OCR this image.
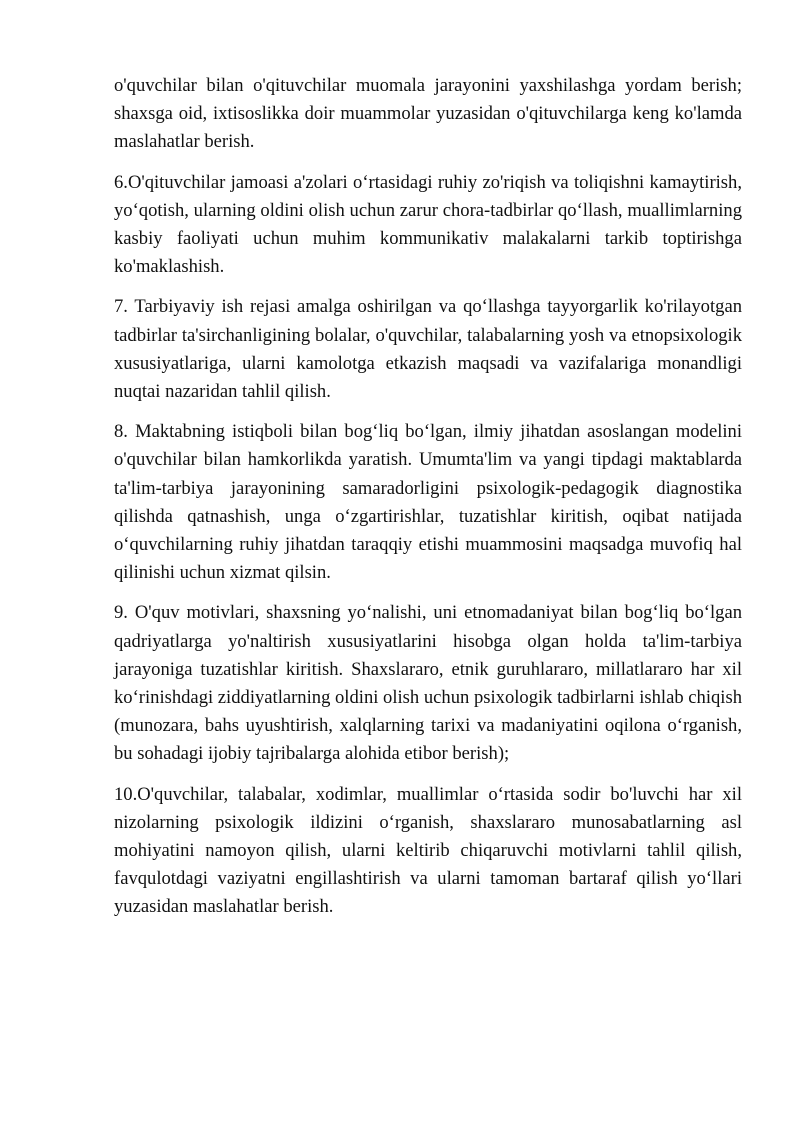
o'quvchilar bilan o'qituvchilar muomala jarayonini yaxshilashga yordam berish; shaxsga oid, ixtisoslikka doir muammolar yuzasidan o'qituvchilarga keng ko'lamda maslahatlar berish.

6.O'qituvchilar jamoasi a'zolari o‘rtasidagi ruhiy zo'riqish va toliqishni kamaytirish, yo‘qotish, ularning oldini olish uchun zarur chora-tadbirlar qo‘llash, muallimlarning kasbiy faoliyati uchun muhim kommunikativ malakalarni tarkib toptirishga ko'maklashish.

7. Tarbiyaviy ish rejasi amalga oshirilgan va qo‘llashga tayyorgarlik ko'rilayotgan tadbirlar ta'sirchanligining bolalar, o'quvchilar, talabalarning yosh va etnopsixologik xususiyatlariga, ularni kamolotga etkazish maqsadi va vazifalariga monandligi nuqtai nazaridan tahlil qilish.

8. Maktabning istiqboli bilan bog‘liq bo‘lgan, ilmiy jihatdan asoslangan modelini o'quvchilar bilan hamkorlikda yaratish. Umumta'lim va yangi tipdagi maktablarda ta'lim-tarbiya jarayonining samaradorligini psixologik-pedagogik diagnostika qilishda qatnashish, unga o‘zgartirishlar, tuzatishlar kiritish, oqibat natijada o‘quvchilarning ruhiy jihatdan taraqqiy etishi muammosini maqsadga muvofiq hal qilinishi uchun xizmat qilsin.

9. O'quv motivlari, shaxsning yo‘nalishi, uni etnomadaniyat bilan bog‘liq bo‘lgan qadriyatlarga yo'naltirish xususiyatlarini hisobga olgan holda ta'lim-tarbiya jarayoniga tuzatishlar kiritish. Shaxslararo, etnik guruhlararo, millatlararo har xil ko‘rinishdagi ziddiyatlarning oldini olish uchun psixologik tadbirlarni ishlab chiqish (munozara, bahs uyushtirish, xalqlarning tarixi va madaniyatini oqilona o‘rganish, bu sohadagi ijobiy tajribalarga alohida etibor berish);

10.O'quvchilar, talabalar, xodimlar, muallimlar o‘rtasida sodir bo'luvchi har xil nizolarning psixologik ildizini o‘rganish, shaxslararo munosabatlarning asl mohiyatini namoyon qilish, ularni keltirib chiqaruvchi motivlarni tahlil qilish, favqulotdagi vaziyatni engillashtirish va ularni tamoman bartaraf qilish yo‘llari yuzasidan maslahatlar berish.
